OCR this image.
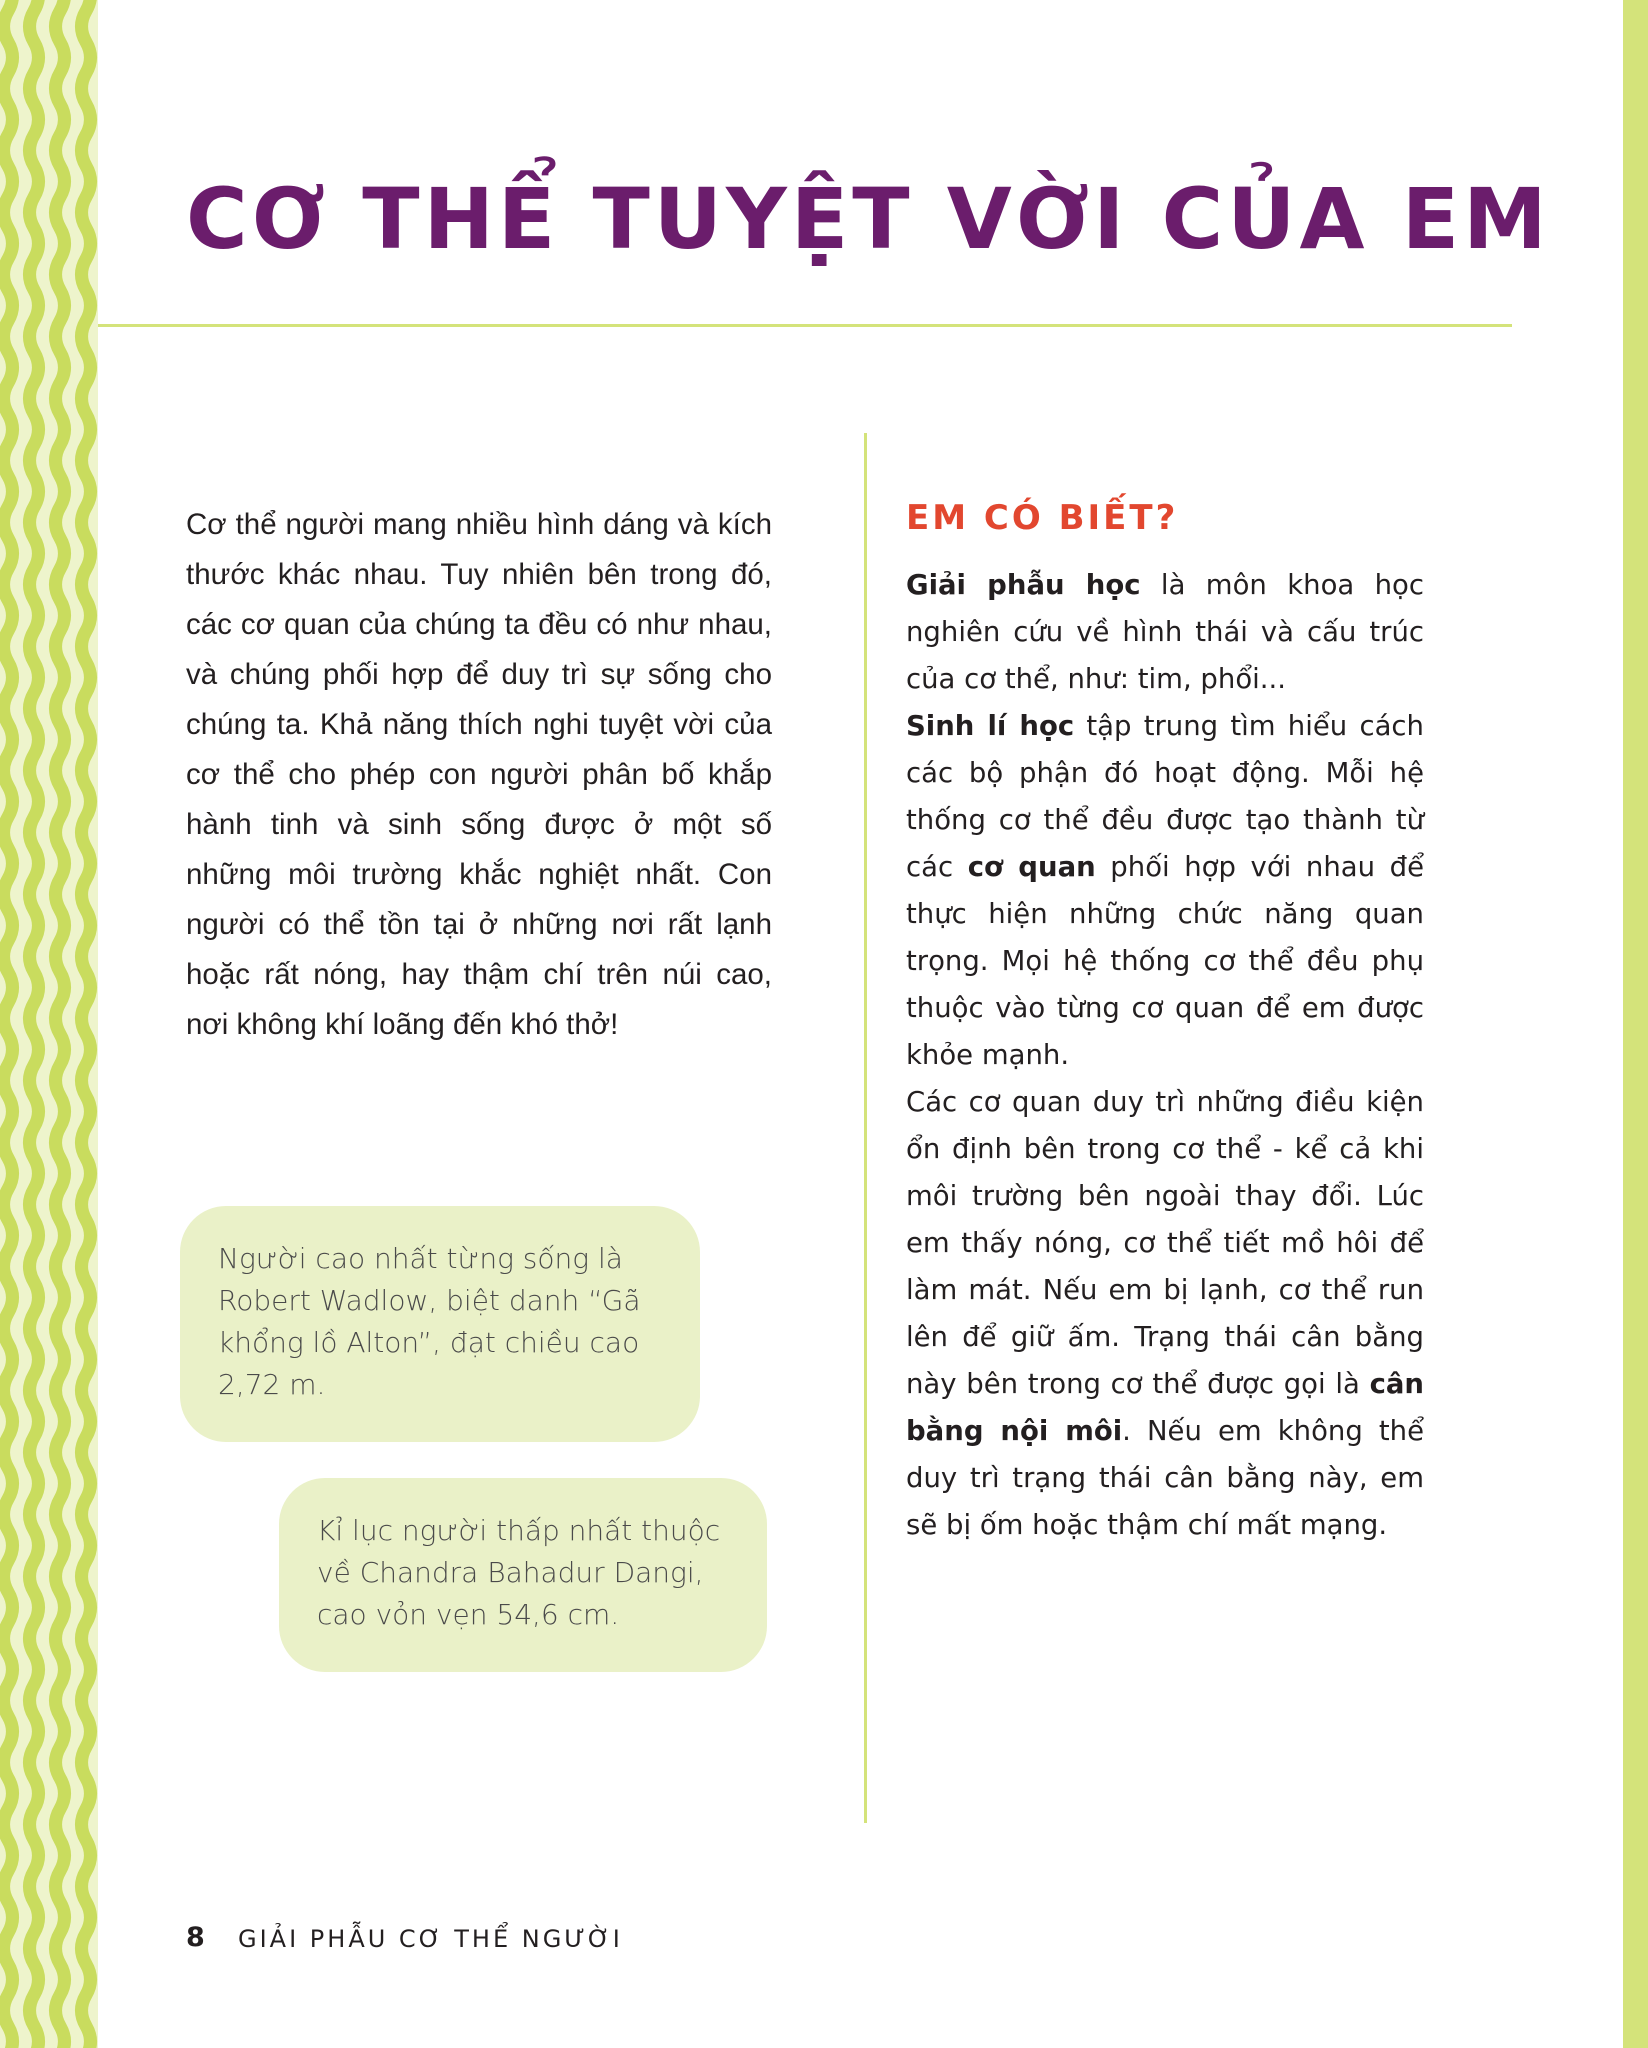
CƠ THỂ TUYỆT VỜI CỦA EM

Cơ thể người mang nhiều hình dáng và kích thước khác nhau. Tuy nhiên bên trong đó, các cơ quan của chúng ta đều có như nhau, và chúng phối hợp để duy trì sự sống cho chúng ta. Khả năng thích nghi tuyệt vời của cơ thể cho phép con người phân bố khắp hành tinh và sinh sống được ở một số những môi trường khắc nghiệt nhất. Con người có thể tồn tại ở những nơi rất lạnh hoặc rất nóng, hay thậm chí trên núi cao, nơi không khí loãng đến khó thở!

Người cao nhất từng sống là Robert Wadlow, biệt danh “Gã khổng lồ Alton”, đạt chiều cao 2,72 m.
Kỉ lục người thấp nhất thuộc về Chandra Bahadur Dangi, cao vỏn vẹn 54,6 cm.
EM CÓ BIẾT?

Giải phẫu học là môn khoa học nghiên cứu về hình thái và cấu trúc của cơ thể, như: tim, phổi...

Sinh lí học tập trung tìm hiểu cách các bộ phận đó hoạt động. Mỗi hệ thống cơ thể đều được tạo thành từ các cơ quan phối hợp với nhau để thực hiện những chức năng quan trọng. Mọi hệ thống cơ thể đều phụ thuộc vào từng cơ quan để em được khỏe mạnh.

Các cơ quan duy trì những điều kiện ổn định bên trong cơ thể - kể cả khi môi trường bên ngoài thay đổi. Lúc em thấy nóng, cơ thể tiết mồ hôi để làm mát. Nếu em bị lạnh, cơ thể run lên để giữ ấm. Trạng thái cân bằng này bên trong cơ thể được gọi là cân bằng nội môi. Nếu em không thể duy trì trạng thái cân bằng này, em sẽ bị ốm hoặc thậm chí mất mạng.

8 GIẢI PHẪU CƠ THỂ NGƯỜI
